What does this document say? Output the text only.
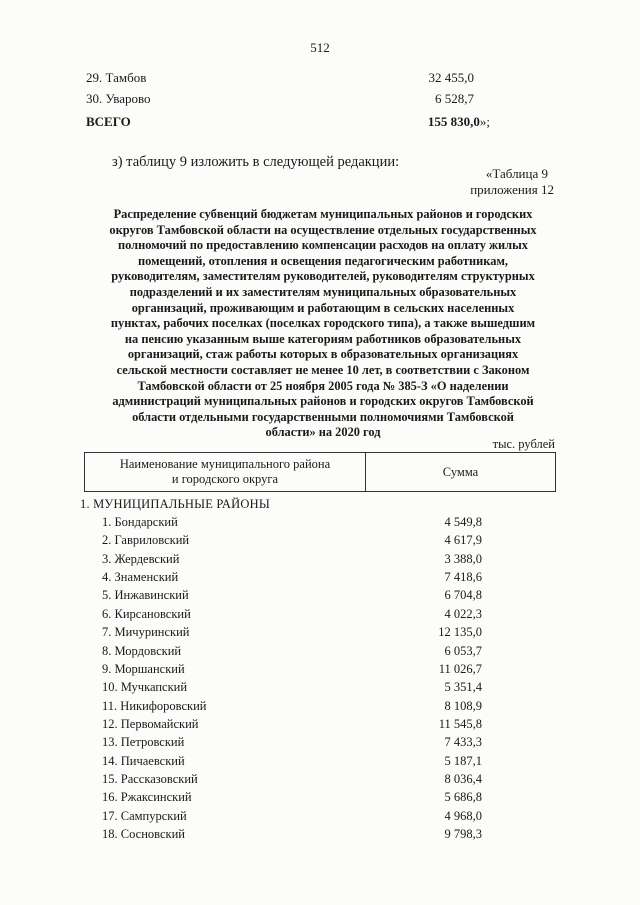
512
29. Тамбов	32 455,0
30. Уварово	6 528,7
ВСЕГО	155 830,0»;
з) таблицу 9 изложить в следующей редакции:
«Таблица 9
приложения 12
Распределение субвенций бюджетам муниципальных районов и городских
округов Тамбовской области на осуществление отдельных государственных
полномочий по предоставлению компенсации расходов на оплату жилых
помещений, отопления и освещения педагогическим работникам,
руководителям, заместителям руководителей, руководителям структурных
подразделений и их заместителям муниципальных образовательных
организаций, проживающим и работающим в сельских населенных
пунктах, рабочих поселках (поселках городского типа), а также вышедшим
на пенсию указанным выше категориям работников образовательных
организаций, стаж работы которых в образовательных организациях
сельской местности составляет не менее 10 лет, в соответствии с Законом
Тамбовской области от 25 ноября 2005 года № 385-З «О наделении
администраций муниципальных районов и городских округов Тамбовской
области отдельными государственными полномочиями Тамбовской
области» на 2020 год
тыс. рублей
Наименование муниципального района
и городского округа
Сумма
1. МУНИЦИПАЛЬНЫЕ РАЙОНЫ
1. Бондарский	4 549,8
2. Гавриловский	4 617,9
3. Жердевский	3 388,0
4. Знаменский	7 418,6
5. Инжавинский	6 704,8
6. Кирсановский	4 022,3
7. Мичуринский	12 135,0
8. Мордовский	6 053,7
9. Моршанский	11 026,7
10. Мучкапский	5 351,4
11. Никифоровский	8 108,9
12. Первомайский	11 545,8
13. Петровский	7 433,3
14. Пичаевский	5 187,1
15. Рассказовский	8 036,4
16. Ржаксинский	5 686,8
17. Сампурский	4 968,0
18. Сосновский	9 798,3
